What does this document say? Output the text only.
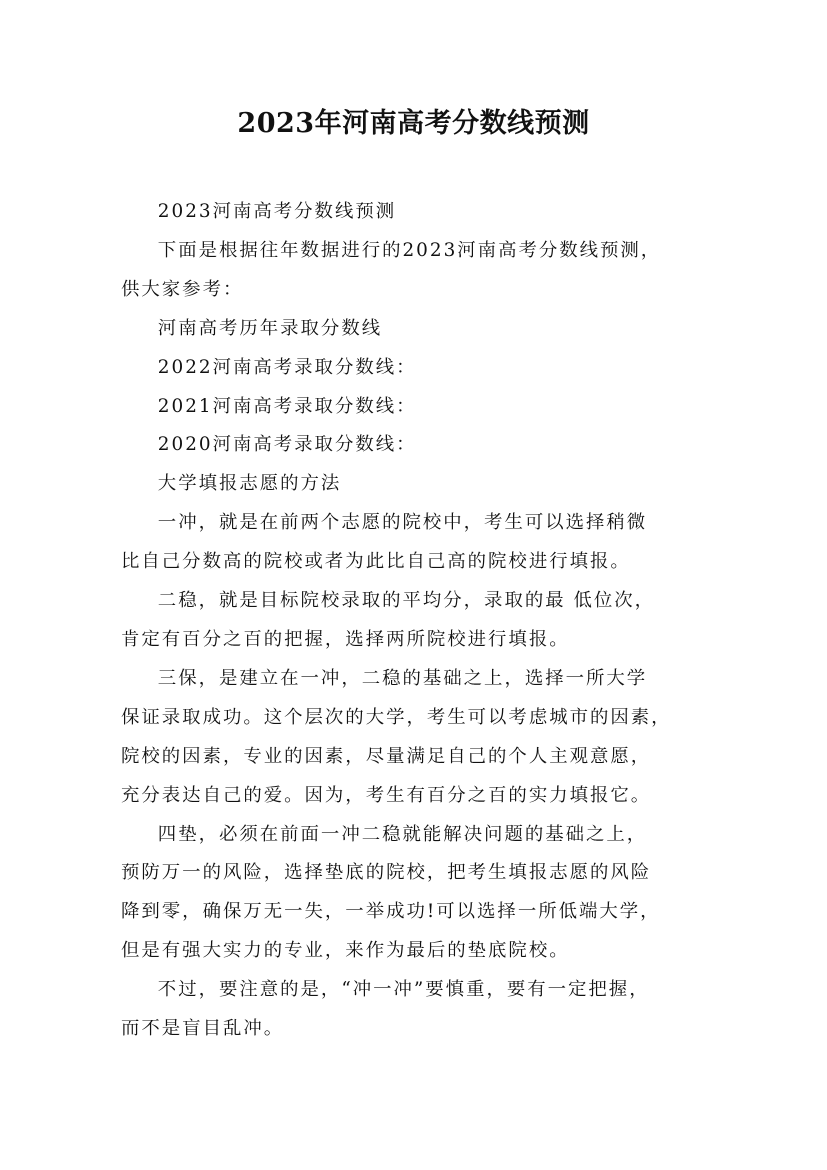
2023年河南高考分数线预测

2023河南高考分数线预测

下面是根据往年数据进行的2023河南高考分数线预测，
供大家参考：

河南高考历年录取分数线

2022河南高考录取分数线：

2021河南高考录取分数线：

2020河南高考录取分数线：

大学填报志愿的方法

一冲，就是在前两个志愿的院校中，考生可以选择稍微
比自己分数高的院校或者为此比自己高的院校进行填报。

二稳，就是目标院校录取的平均分，录取的最 低位次，
肯定有百分之百的把握，选择两所院校进行填报。

三保，是建立在一冲，二稳的基础之上，选择一所大学
保证录取成功。这个层次的大学，考生可以考虑城市的因素，
院校的因素，专业的因素，尽量满足自己的个人主观意愿，
充分表达自己的爱。因为，考生有百分之百的实力填报它。

四垫，必须在前面一冲二稳就能解决问题的基础之上，
预防万一的风险，选择垫底的院校，把考生填报志愿的风险
降到零，确保万无一失，一举成功!可以选择一所低端大学，
但是有强大实力的专业，来作为最后的垫底院校。

不过，要注意的是，“冲一冲”要慎重，要有一定把握，
而不是盲目乱冲。
